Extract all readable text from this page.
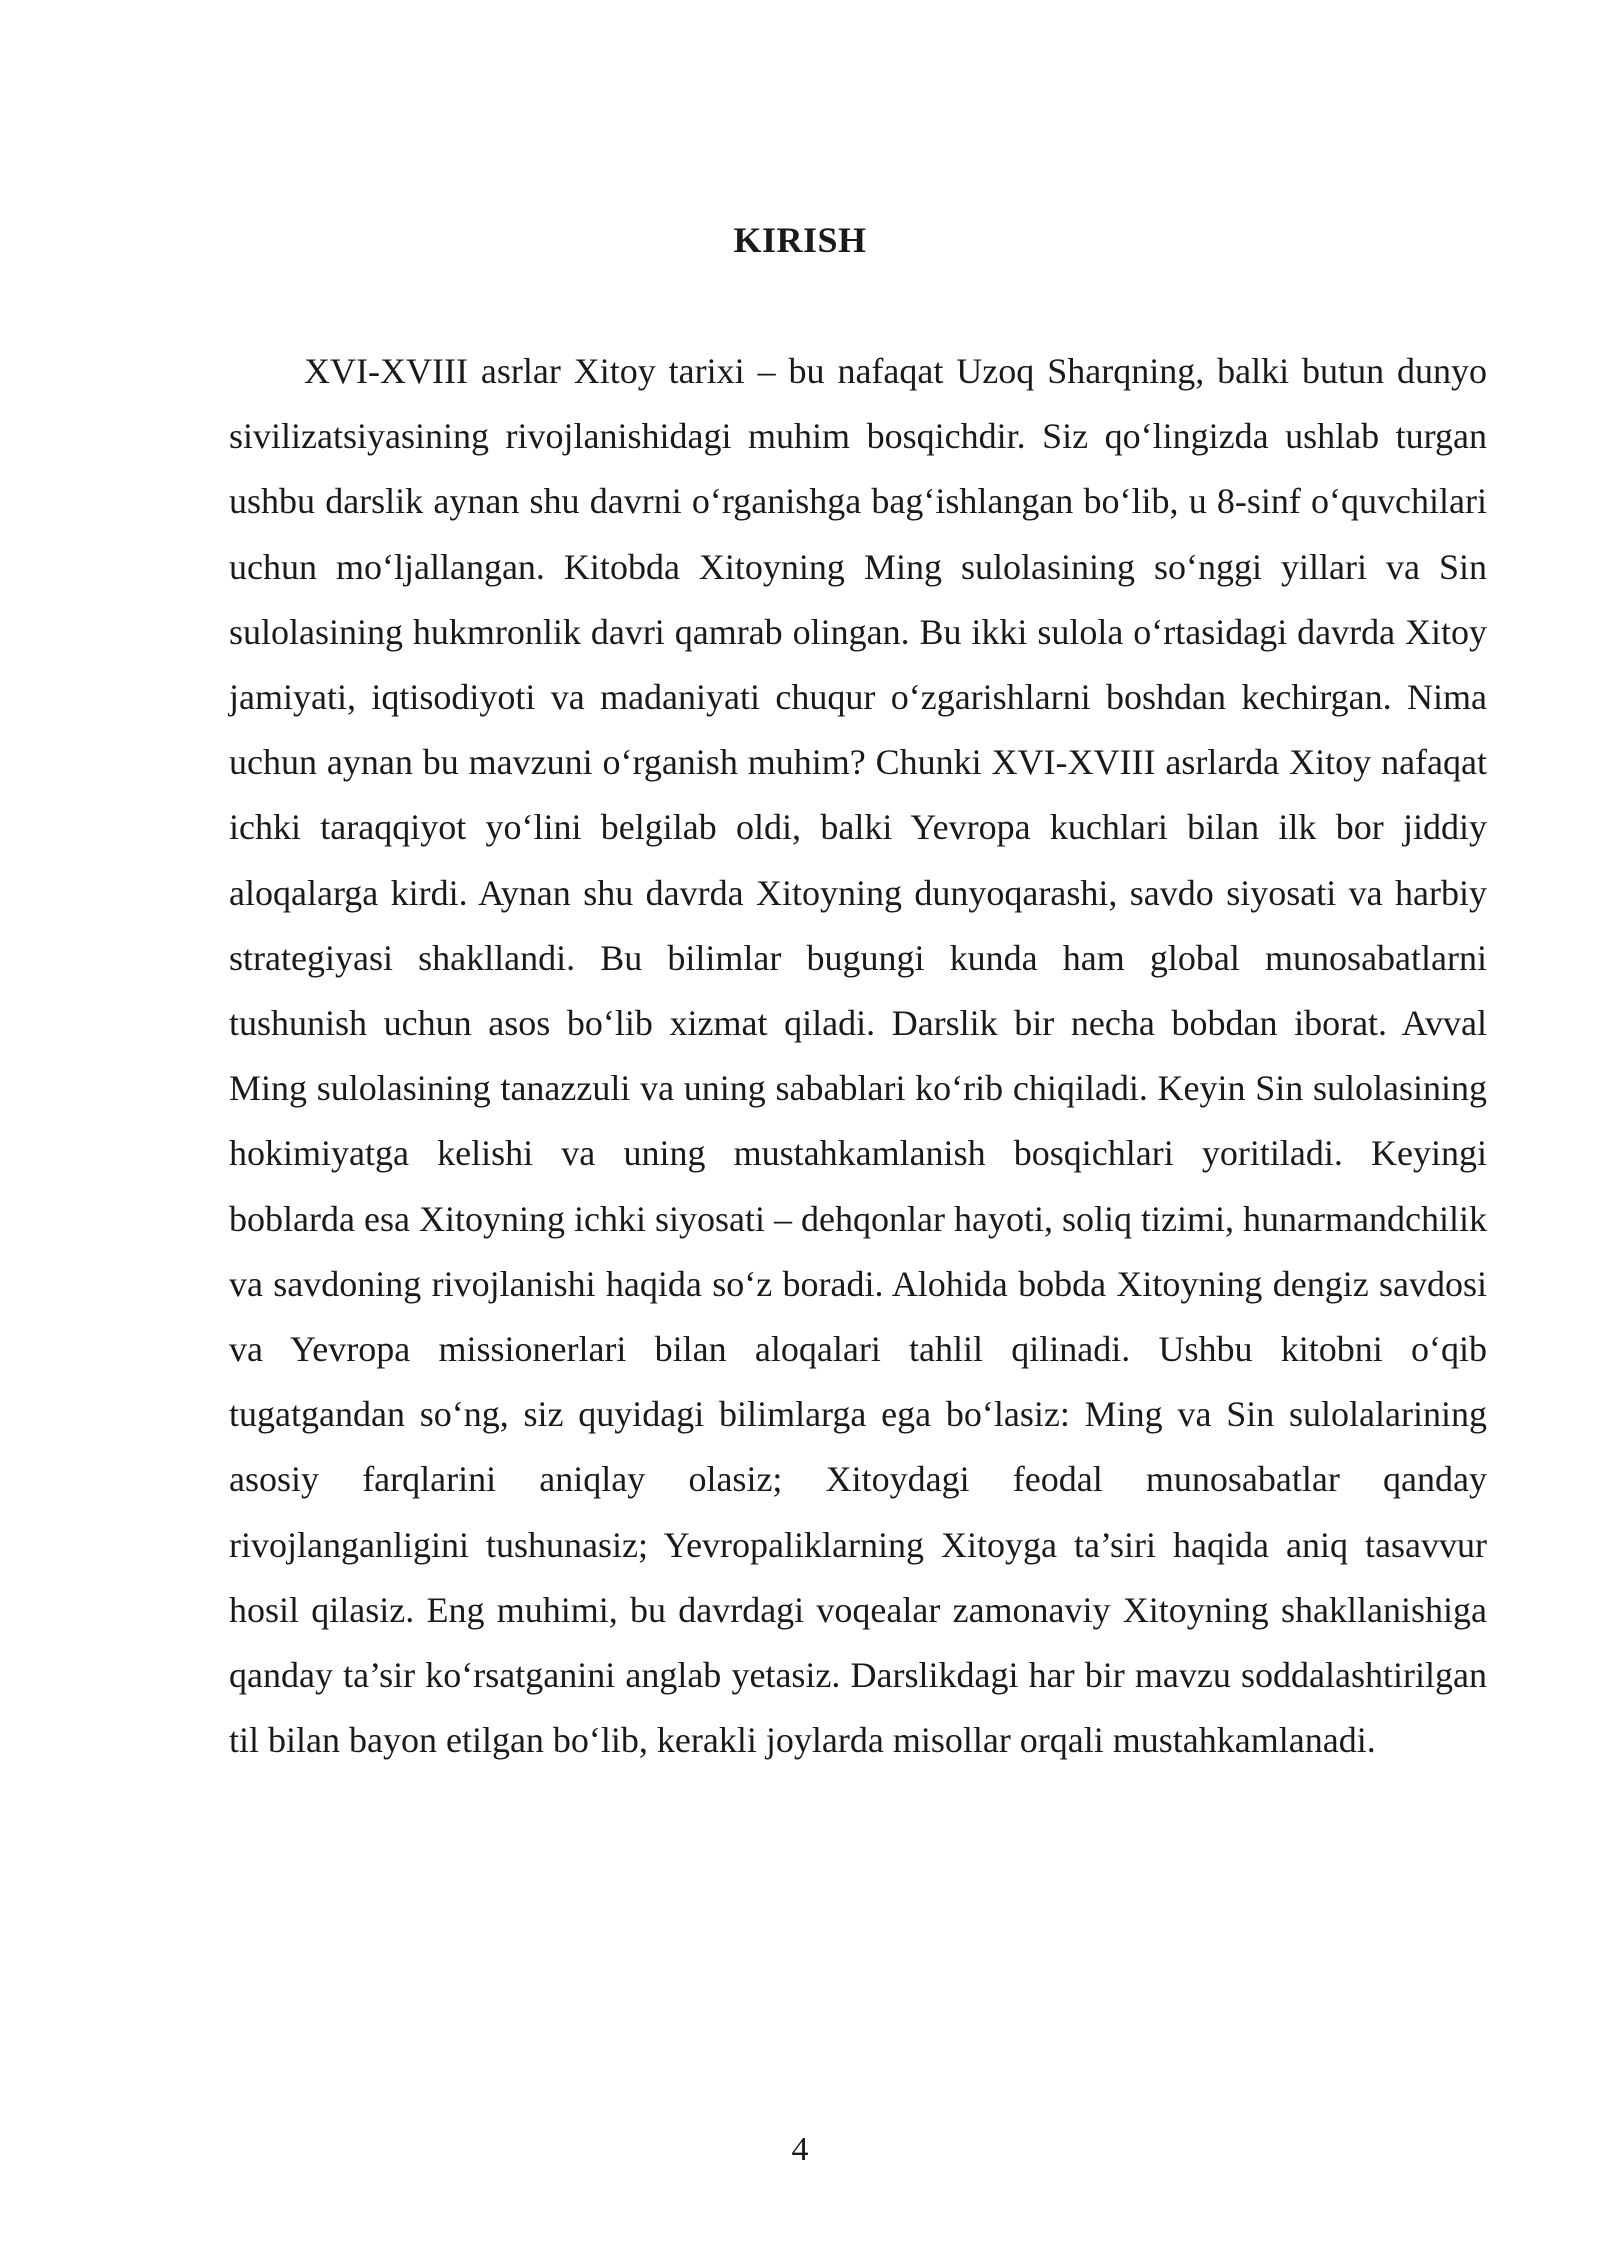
KIRISH

XVI-XVIII asrlar Xitoy tarixi – bu nafaqat Uzoq Sharqning, balki butun dunyo sivilizatsiyasining rivojlanishidagi muhim bosqichdir. Siz qo‘lingizda ushlab turgan ushbu darslik aynan shu davrni o‘rganishga bag‘ishlangan bo‘lib, u 8-sinf o‘quvchilari uchun mo‘ljallangan. Kitobda Xitoyning Ming sulolasining so‘nggi yillari va Sin sulolasining hukmronlik davri qamrab olingan. Bu ikki sulola o‘rtasidagi davrda Xitoy jamiyati, iqtisodiyoti va madaniyati chuqur o‘zgarishlarni boshdan kechirgan. Nima uchun aynan bu mavzuni o‘rganish muhim? Chunki XVI-XVIII asrlarda Xitoy nafaqat ichki taraqqiyot yo‘lini belgilab oldi, balki Yevropa kuchlari bilan ilk bor jiddiy aloqalarga kirdi. Aynan shu davrda Xitoyning dunyoqarashi, savdo siyosati va harbiy strategiyasi shakllandi. Bu bilimlar bugungi kunda ham global munosabatlarni tushunish uchun asos bo‘lib xizmat qiladi. Darslik bir necha bobdan iborat. Avval Ming sulolasining tanazzuli va uning sabablari ko‘rib chiqiladi. Keyin Sin sulolasining hokimiyatga kelishi va uning mustahkamlanish bosqichlari yoritiladi. Keyingi boblarda esa Xitoyning ichki siyosati – dehqonlar hayoti, soliq tizimi, hunarmandchilik va savdoning rivojlanishi haqida so‘z boradi. Alohida bobda Xitoyning dengiz savdosi va Yevropa missionerlari bilan aloqalari tahlil qilinadi. Ushbu kitobni o‘qib tugatgandan so‘ng, siz quyidagi bilimlarga ega bo‘lasiz: Ming va Sin sulolalarining asosiy farqlarini aniqlay olasiz; Xitoydagi feodal munosabatlar qanday rivojlanganligini tushunasiz; Yevropaliklarning Xitoyga ta’siri haqida aniq tasavvur hosil qilasiz. Eng muhimi, bu davrdagi voqealar zamonaviy Xitoyning shakllanishiga qanday ta’sir ko‘rsatganini anglab yetasiz. Darslikdagi har bir mavzu soddalashtirilgan til bilan bayon etilgan bo‘lib, kerakli joylarda misollar orqali mustahkamlanadi.

4
